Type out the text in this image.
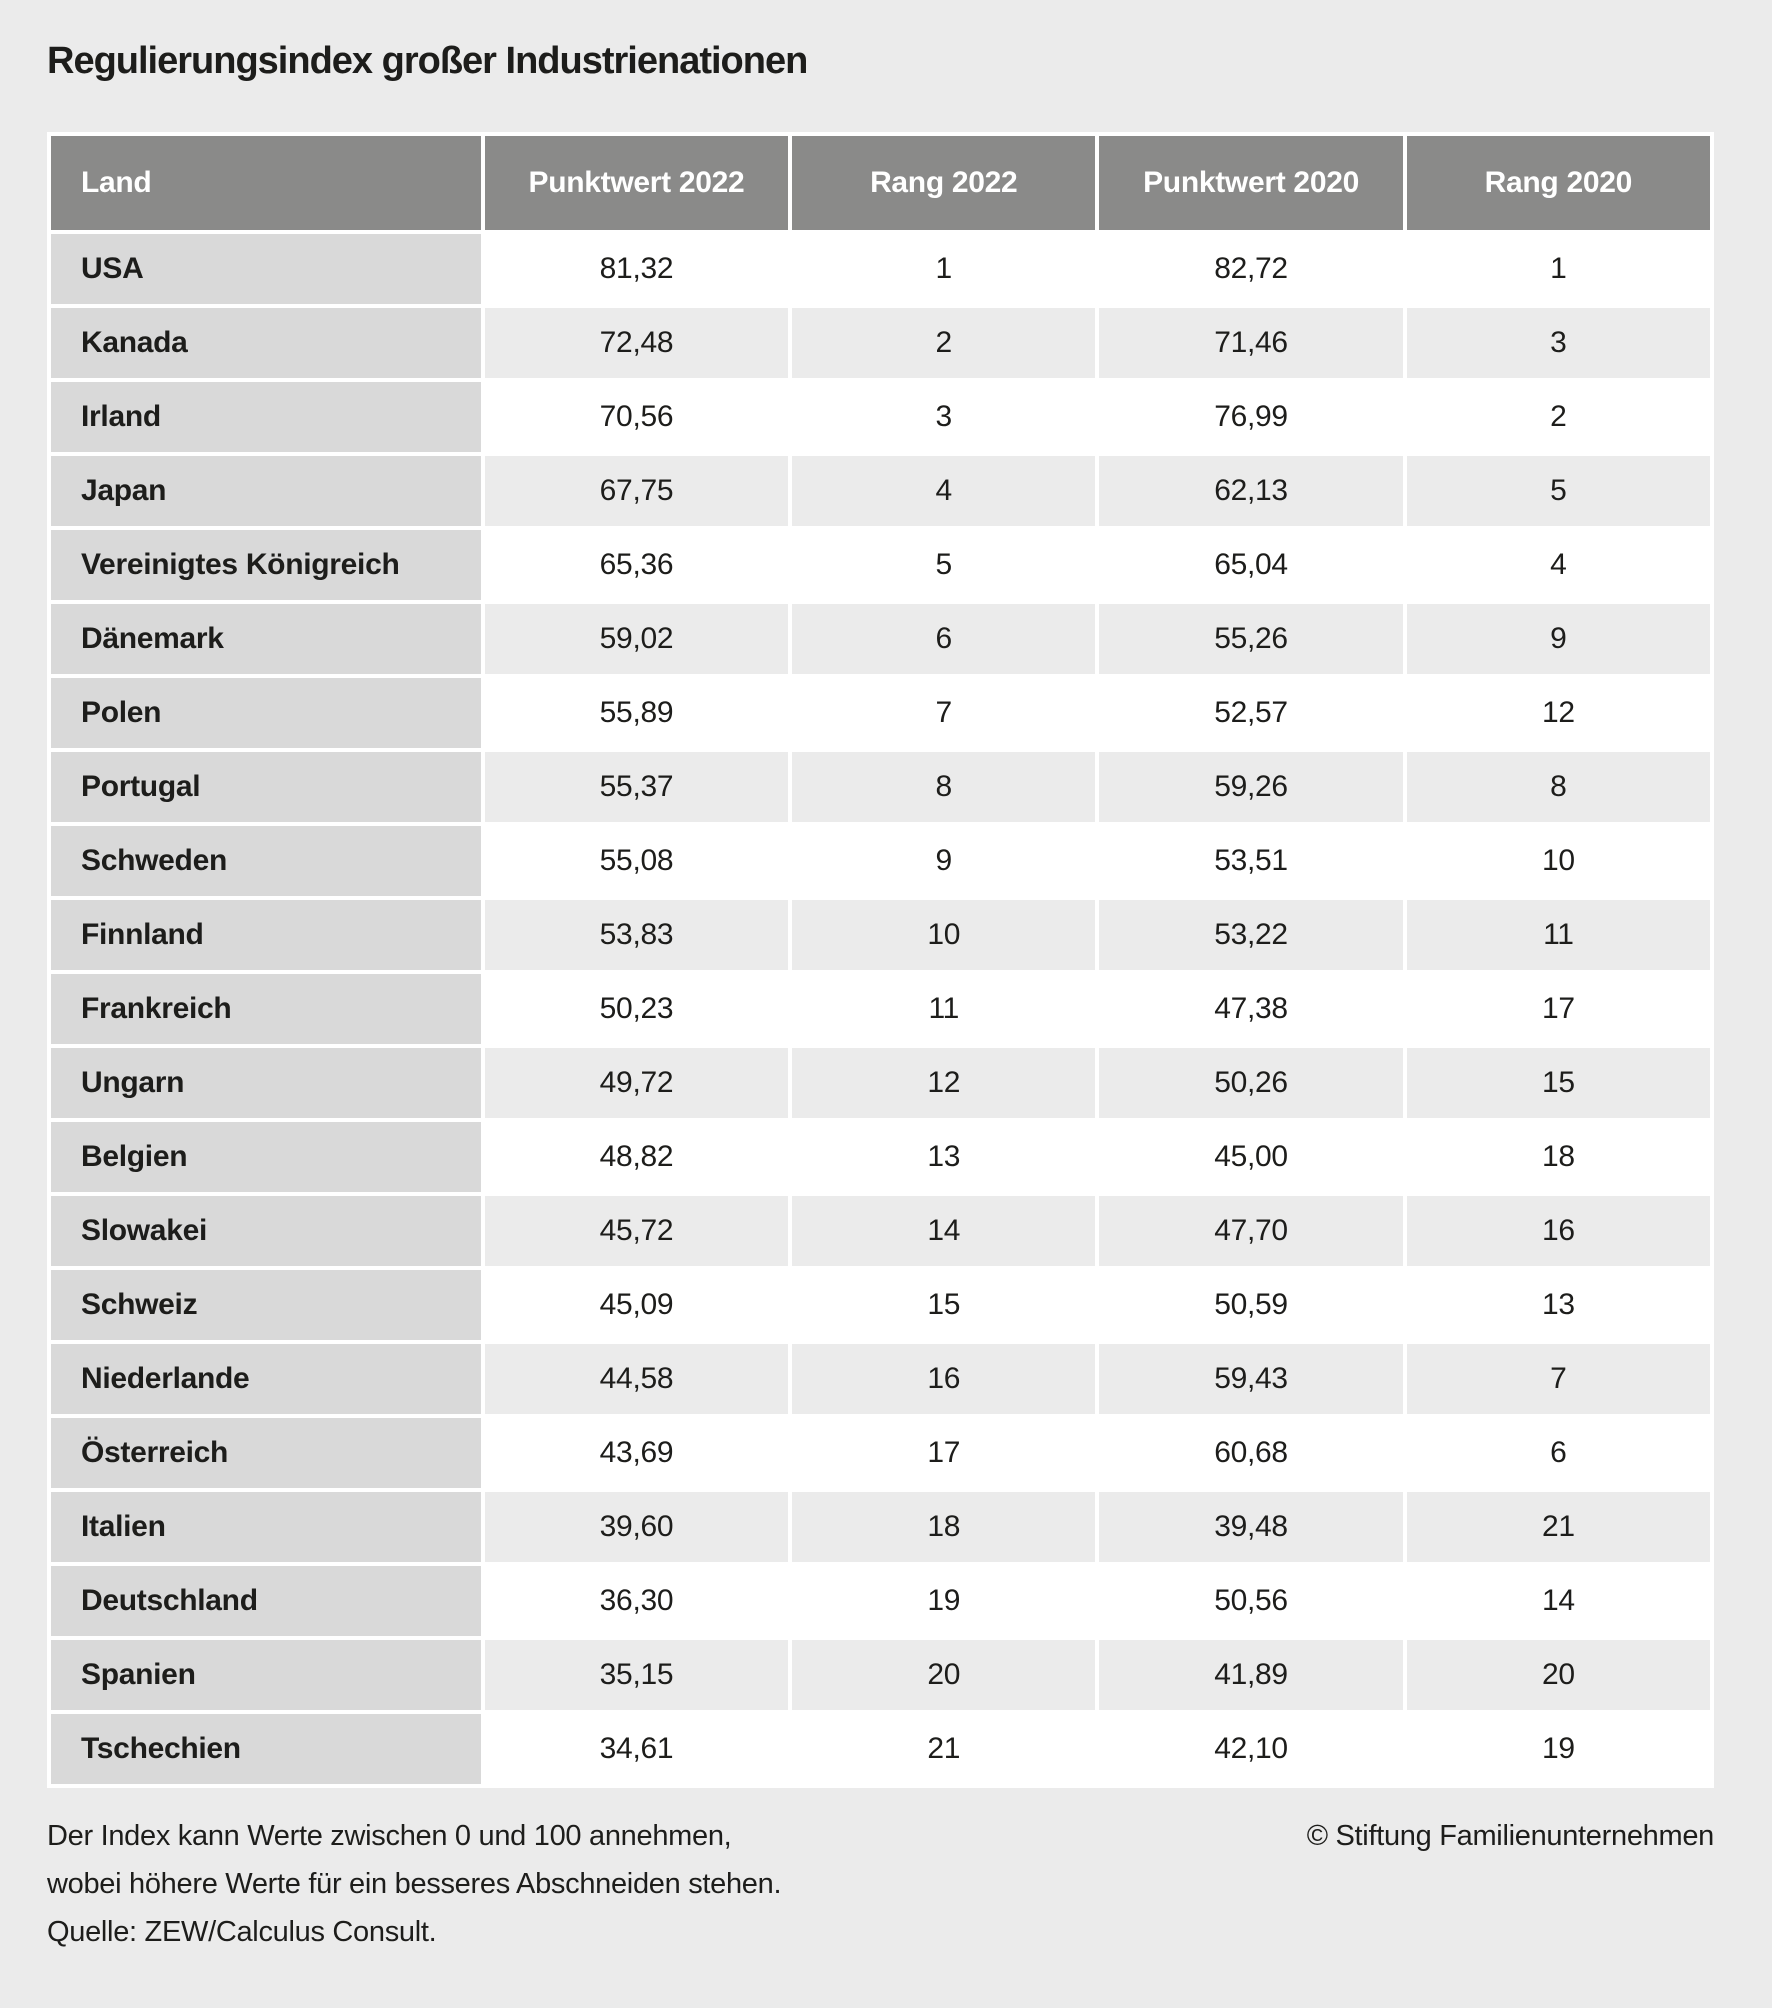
Regulierungsindex großer Industrienationen
Land	Punktwert 2022	Rang 2022	Punktwert 2020	Rang 2020
USA	81,32	1	82,72	1
Kanada	72,48	2	71,46	3
Irland	70,56	3	76,99	2
Japan	67,75	4	62,13	5
Vereinigtes Königreich	65,36	5	65,04	4
Dänemark	59,02	6	55,26	9
Polen	55,89	7	52,57	12
Portugal	55,37	8	59,26	8
Schweden	55,08	9	53,51	10
Finnland	53,83	10	53,22	11
Frankreich	50,23	11	47,38	17
Ungarn	49,72	12	50,26	15
Belgien	48,82	13	45,00	18
Slowakei	45,72	14	47,70	16
Schweiz	45,09	15	50,59	13
Niederlande	44,58	16	59,43	7
Österreich	43,69	17	60,68	6
Italien	39,60	18	39,48	21
Deutschland	36,30	19	50,56	14
Spanien	35,15	20	41,89	20
Tschechien	34,61	21	42,10	19
Der Index kann Werte zwischen 0 und 100 annehmen,
wobei höhere Werte für ein besseres Abschneiden stehen.
Quelle: ZEW/Calculus Consult.
© Stiftung Familienunternehmen
